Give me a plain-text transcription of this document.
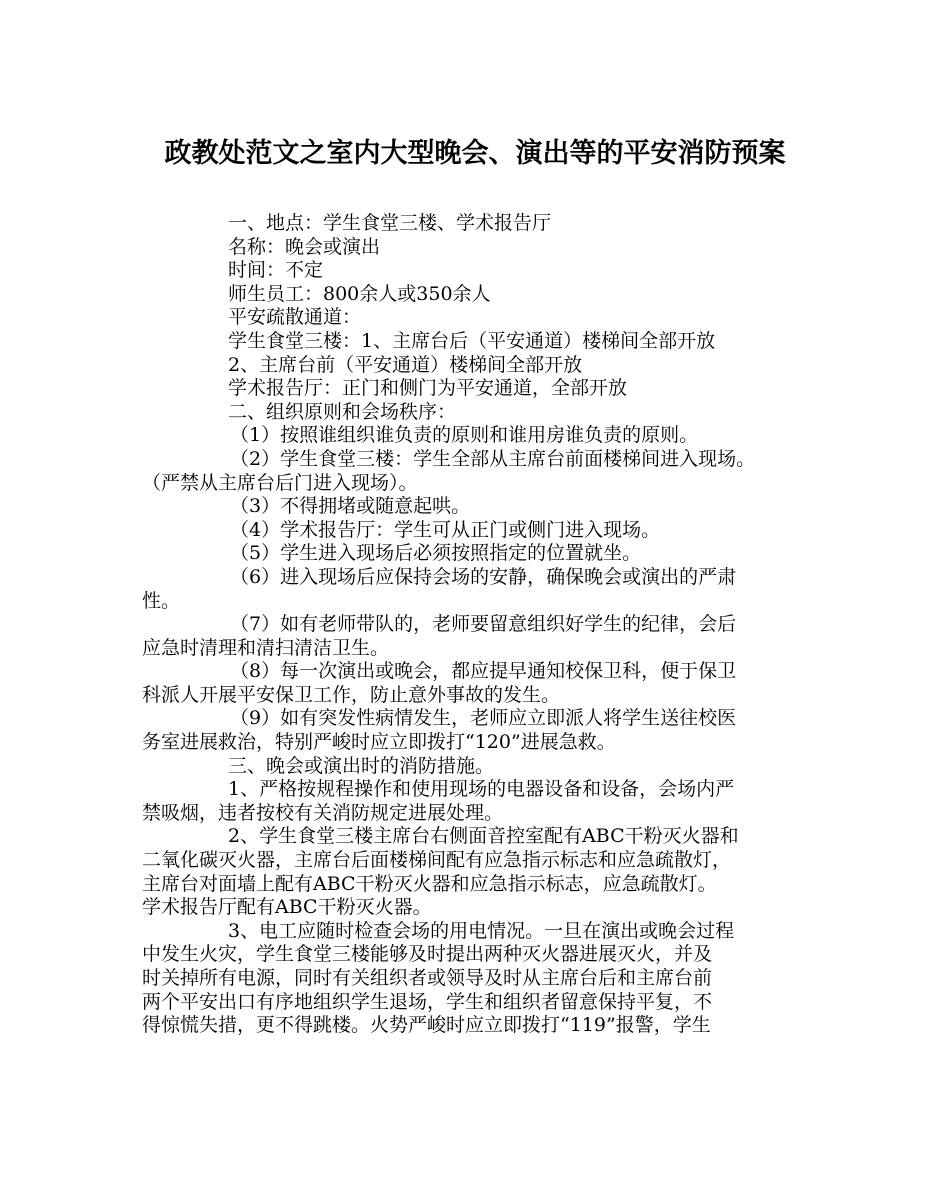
政教处范文之室内大型晚会、演出等的平安消防预案
一、地点：学生食堂三楼、学术报告厅
名称：晚会或演出
时间：不定
师生员工：800余人或350余人
平安疏散通道：
学生食堂三楼：1、主席台后（平安通道）楼梯间全部开放
2、主席台前（平安通道）楼梯间全部开放
学术报告厅：正门和侧门为平安通道，全部开放
二、组织原则和会场秩序：
（1）按照谁组织谁负责的原则和谁用房谁负责的原则。
（2）学生食堂三楼：学生全部从主席台前面楼梯间进入现场。
（严禁从主席台后门进入现场）。
（3）不得拥堵或随意起哄。
（4）学术报告厅：学生可从正门或侧门进入现场。
（5）学生进入现场后必须按照指定的位置就坐。
（6）进入现场后应保持会场的安静，确保晚会或演出的严肃
性。
（7）如有老师带队的，老师要留意组织好学生的纪律，会后
应急时清理和清扫清洁卫生。
（8）每一次演出或晚会，都应提早通知校保卫科，便于保卫
科派人开展平安保卫工作，防止意外事故的发生。
（9）如有突发性病情发生，老师应立即派人将学生送往校医
务室进展救治，特别严峻时应立即拨打“120”进展急救。
三、晚会或演出时的消防措施。
1、严格按规程操作和使用现场的电器设备和设备，会场内严
禁吸烟，违者按校有关消防规定进展处理。
2、学生食堂三楼主席台右侧面音控室配有ABC干粉灭火器和
二氧化碳灭火器，主席台后面楼梯间配有应急指示标志和应急疏散灯，
主席台对面墙上配有ABC干粉灭火器和应急指示标志，应急疏散灯。
学术报告厅配有ABC干粉灭火器。
3、电工应随时检查会场的用电情况。一旦在演出或晚会过程
中发生火灾，学生食堂三楼能够及时提出两种灭火器进展灭火，并及
时关掉所有电源，同时有关组织者或领导及时从主席台后和主席台前
两个平安出口有序地组织学生退场，学生和组织者留意保持平复，不
得惊慌失措，更不得跳楼。火势严峻时应立即拨打“119”报警，学生
